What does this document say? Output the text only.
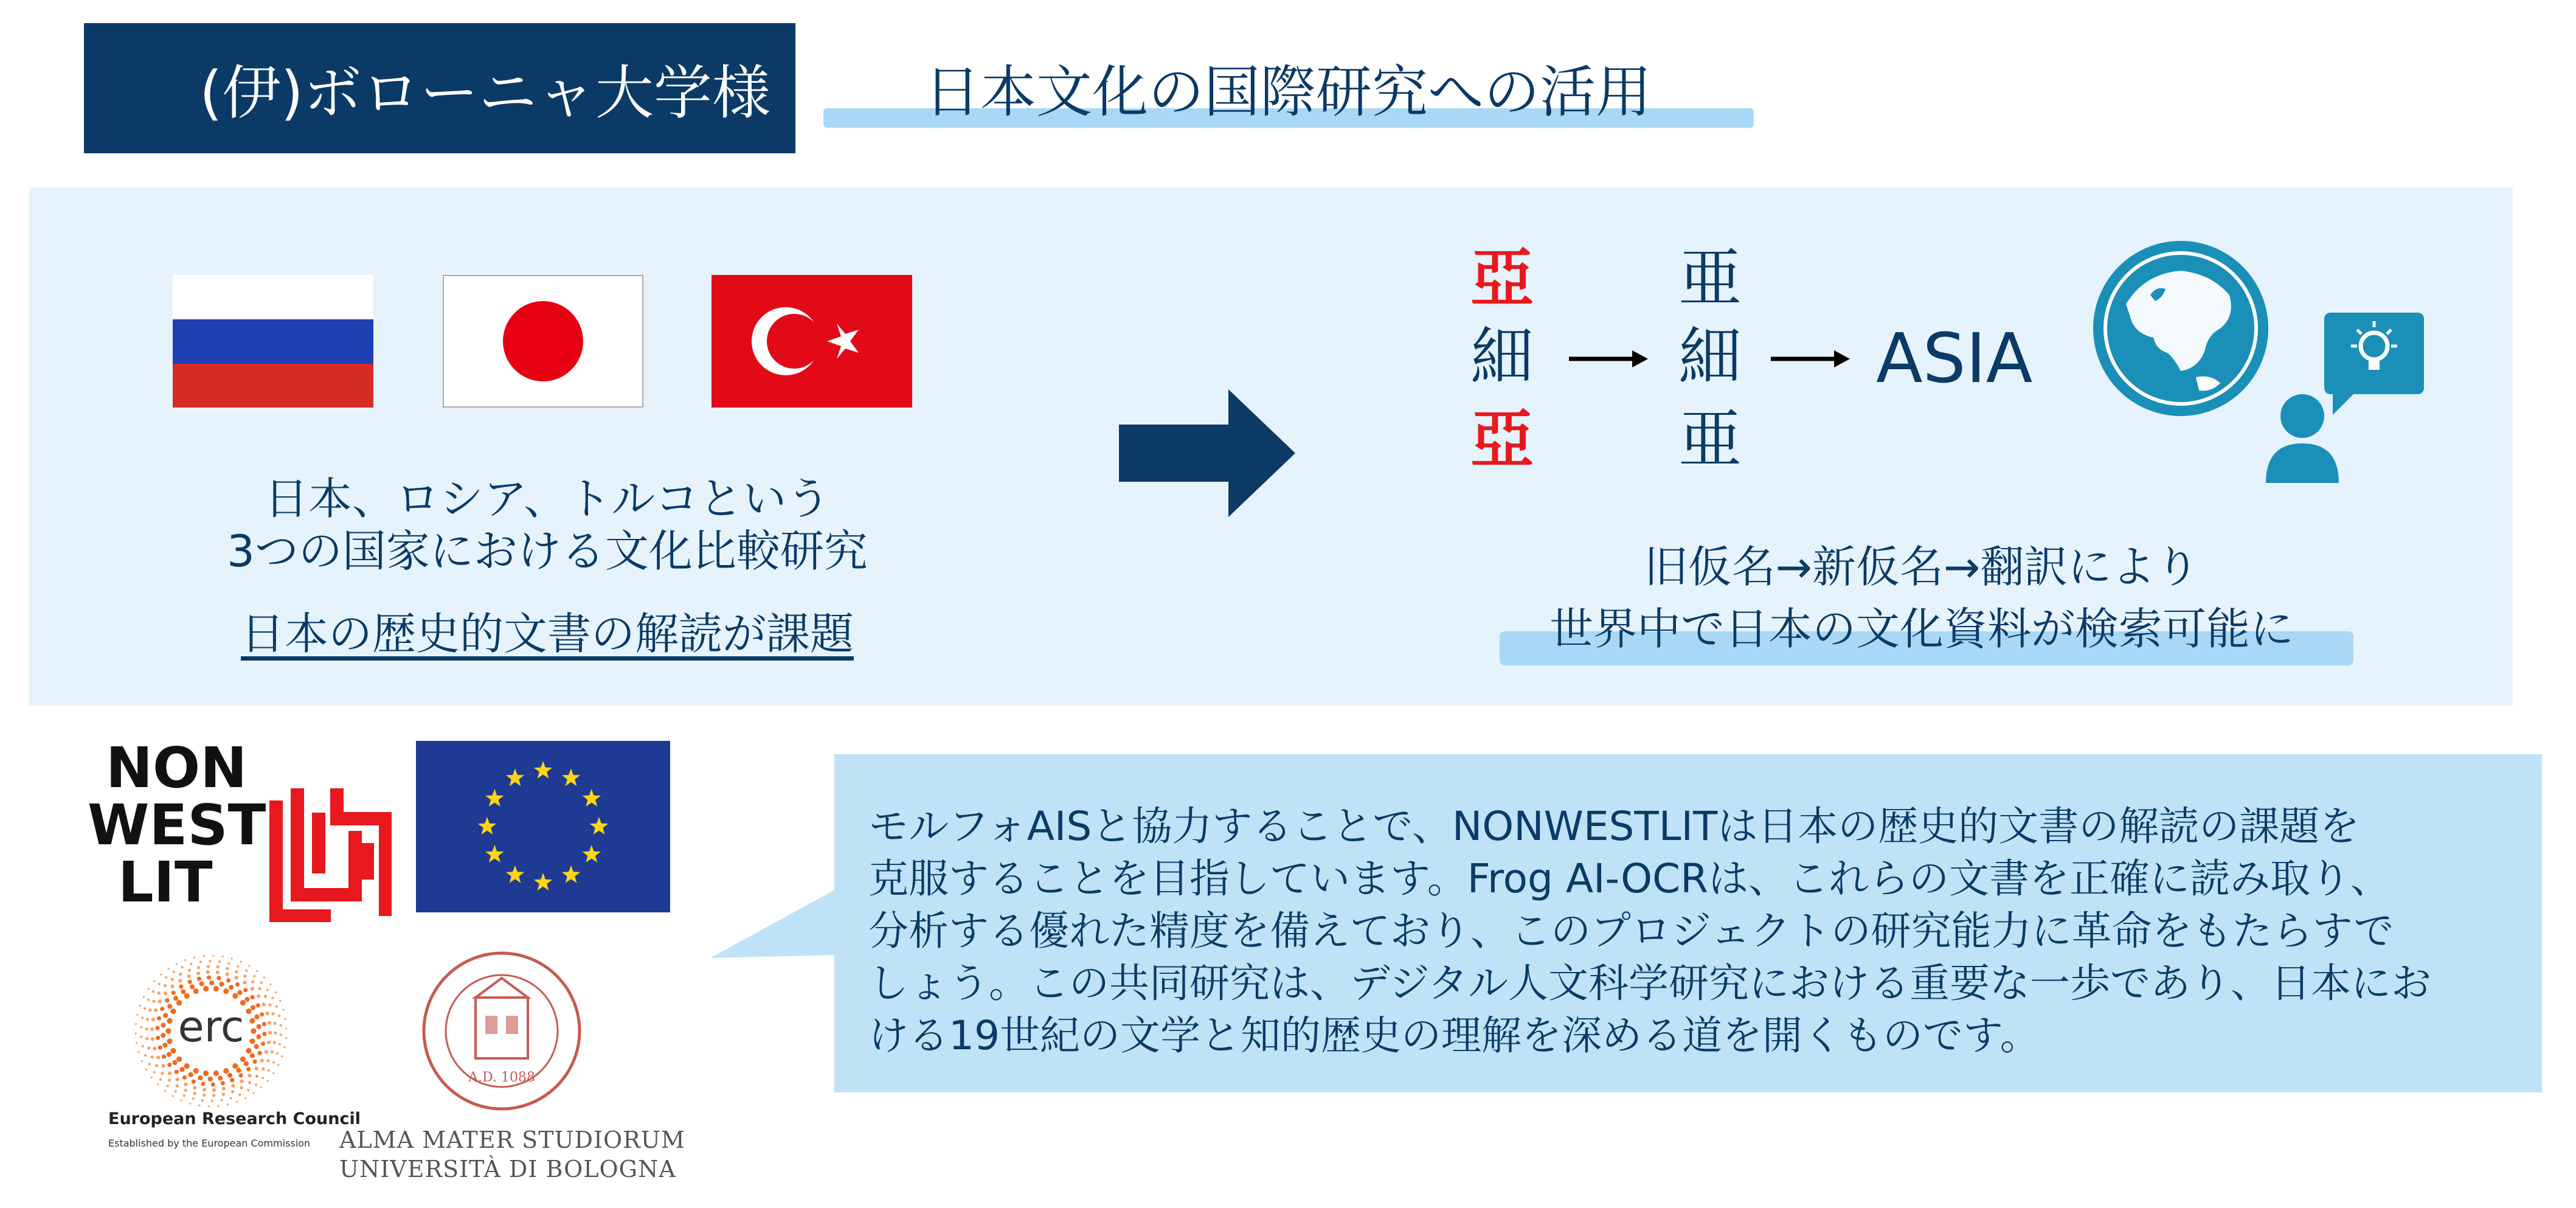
(伊)ボローニャ大学様	日本文化の国際研究への活用
日本、ロシア、トルコという
3つの国家における文化比較研究
日本の歴史的文書の解読が課題
亞
細
亞
亜
細
亜
ASIA
旧仮名→新仮名→翻訳により
世界中で日本の文化資料が検索可能に
NON
WEST
LIT
erc
European Research Council
Established by the European Commission
A.D. 1088
ALMA MATER STUDIORUM
UNIVERSITÀ DI BOLOGNA
モルフォAISと協力することで、NONWESTLITは日本の歴史的文書の解読の課題を
克服することを目指しています。Frog AI-OCRは、これらの文書を正確に読み取り、
分析する優れた精度を備えており、このプロジェクトの研究能力に革命をもたらすで
しょう。この共同研究は、デジタル人文科学研究における重要な一歩であり、日本にお
ける19世紀の文学と知的歴史の理解を深める道を開くものです。
